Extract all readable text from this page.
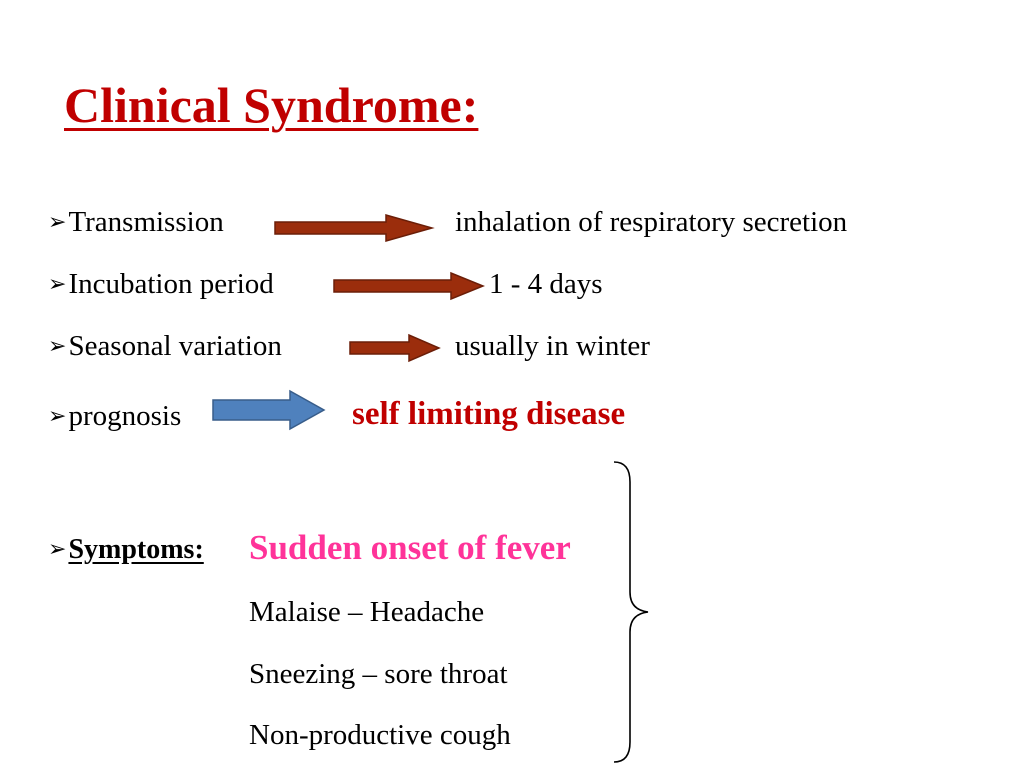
Clinical Syndrome:
➢Transmission	inhalation of respiratory secretion
➢Incubation period	1 - 4 days
➢Seasonal variation	usually in winter
➢prognosis	self limiting disease
➢Symptoms: Sudden onset of fever
Malaise – Headache
Sneezing – sore throat
Non-productive cough
